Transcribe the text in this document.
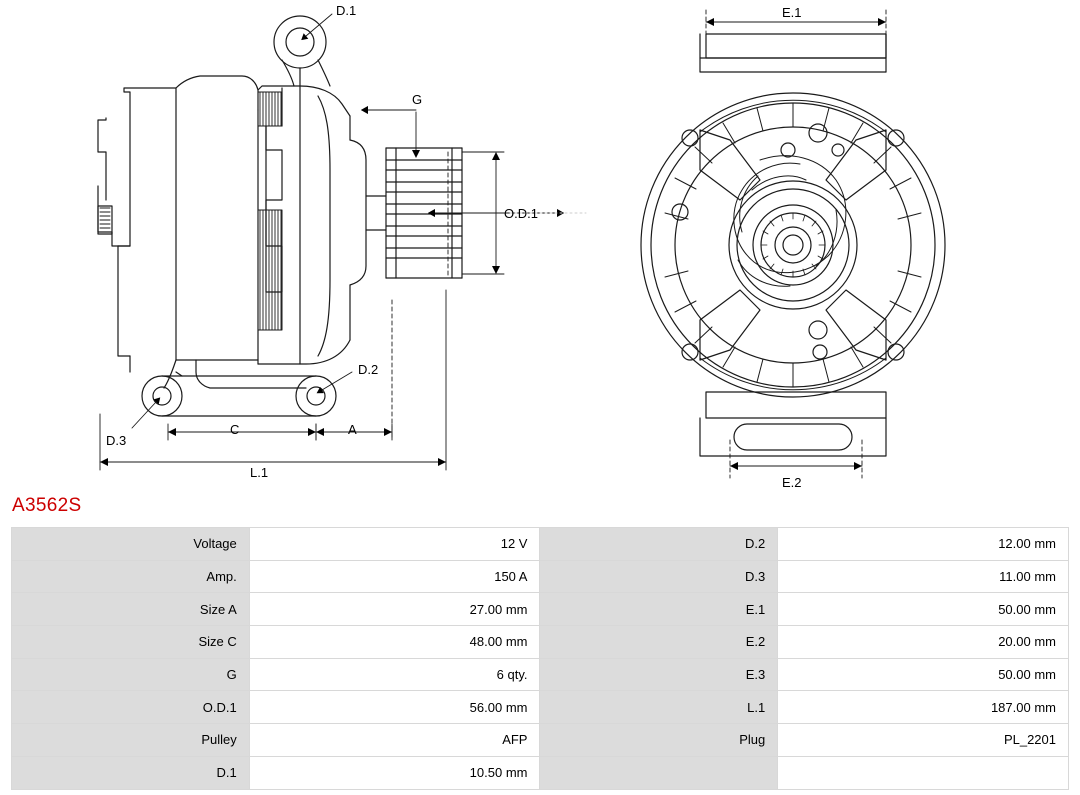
D.1
D.2
D.3
G
O.D.1
C	A
L.1
E.1
E.2
A3562S
Voltage	12 V	D.2	12.00 mm
Amp.	150 A	D.3	11.00 mm
Size A	27.00 mm	E.1	50.00 mm
Size C	48.00 mm	E.2	20.00 mm
G	6 qty.	E.3	50.00 mm
O.D.1	56.00 mm	L.1	187.00 mm
Pulley	AFP	Plug	PL_2201
D.1	10.50 mm		
